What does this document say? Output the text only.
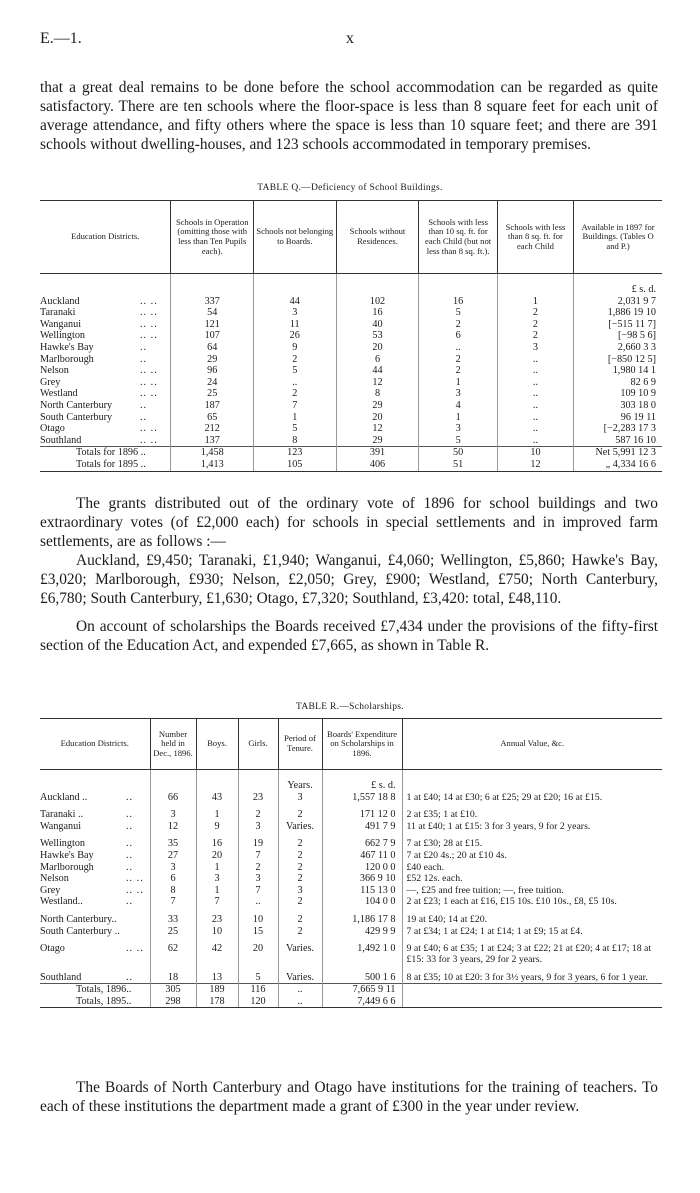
E.—1.	x

that a great deal remains to be done before the school accommodation can be regarded as quite satisfactory. There are ten schools where the floor-space is less than 8 square feet for each unit of average attendance, and fifty others where the space is less than 10 square feet; and there are 391 schools without dwelling-houses, and 123 schools accommodated in temporary premises.

TABLE Q.—Deficiency of School Buildings.
Education Districts.	Schools in Operation (omitting those with less than Ten Pupils each).	Schools not belonging to Boards.	Schools without Residences.	Schools with less than 10 sq. ft. for each Child (but not less than 8 sq. ft.).	Schools with less than 8 sq. ft. for each Child	Available in 1897 for Buildings. (Tables O and P.)
						£ s. d.
Auckland .. ..	337	44	102	16	1	2,031 9 7
Taranaki .. ..	54	3	16	5	2	1,886 19 10
Wanganui .. ..	121	11	40	2	2	[−515 11 7]
Wellington .. ..	107	26	53	6	2	[−98 5 6]
Hawke's Bay ..	64	9	20	..	3	2,660 3 3
Marlborough ..	29	2	6	2	..	[−850 12 5]
Nelson .. ..	96	5	44	2	..	1,980 14 1
Grey .. ..	24	..	12	1	..	82 6 9
Westland .. ..	25	2	8	3	..	109 10 9
North Canterbury ..	187	7	29	4	..	303 18 0
South Canterbury ..	65	1	20	1	..	96 19 11
Otago .. ..	212	5	12	3	..	[−2,283 17 3
Southland .. ..	137	8	29	5	..	587 16 10
Totals for 1896 ..	1,458	123	391	50	10	Net 5,991 12 3
Totals for 1895 ..	1,413	105	406	51	12	„ 4,334 16 6

The grants distributed out of the ordinary vote of 1896 for school buildings and two extraordinary votes (of £2,000 each) for schools in special settlements and in improved farm settlements, are as follows :—

Auckland, £9,450; Taranaki, £1,940; Wanganui, £4,060; Wellington, £5,860; Hawke's Bay, £3,020; Marlborough, £930; Nelson, £2,050; Grey, £900; Westland, £750; North Canterbury, £6,780; South Canterbury, £1,630; Otago, £7,320; Southland, £3,420: total, £48,110.

On account of scholarships the Boards received £7,434 under the provisions of the fifty-first section of the Education Act, and expended £7,665, as shown in Table R.

TABLE R.—Scholarships.
Education Districts.	Number held in Dec., 1896.	Boys.	Girls.	Period of Tenure.	Boards' Expenditure on Scholarships in 1896.	Annual Value, &c.
				Years.	£ s. d.	
Auckland .. ..	66	43	23	3	1,557 18 8	1 at £40; 14 at £30; 6 at £25; 29 at £20; 16 at £15.
Taranaki .. ..	3	1	2	2	171 12 0	2 at £35; 1 at £10.
Wanganui ..	12	9	3	Varies.	491 7 9	11 at £40; 1 at £15: 3 for 3 years, 9 for 2 years.
Wellington ..	35	16	19	2	662 7 9	7 at £30; 28 at £15.
Hawke's Bay ..	27	20	7	2	467 11 0	7 at £20 4s.; 20 at £10 4s.
Marlborough ..	3	1	2	2	120 0 0	£40 each.
Nelson .. ..	6	3	3	2	366 9 10	£52 12s. each.
Grey .. ..	8	1	7	3	115 13 0	—, £25 and free tuition; —, free tuition.
Westland.. ..	7	7	..	2	104 0 0	2 at £23; 1 each at £16, £15 10s. £10 10s., £8, £5 10s.
North Canterbury..	33	23	10	2	1,186 17 8	19 at £40; 14 at £20.
South Canterbury ..	25	10	15	2	429 9 9	7 at £34; 1 at £24; 1 at £14; 1 at £9; 15 at £4.
Otago .. ..	62	42	20	Varies.	1,492 1 0	9 at £40; 6 at £35; 1 at £24; 3 at £22; 21 at £20; 4 at £17; 18 at £15: 33 for 3 years, 29 for 2 years.
Southland ..	18	13	5	Varies.	500 1 6	8 at £35; 10 at £20: 3 for 3½ years, 9 for 3 years, 6 for 1 year.
Totals, 1896..	305	189	116	..	7,665 9 11	
Totals, 1895..	298	178	120	..	7,449 6 6	

The Boards of North Canterbury and Otago have institutions for the training of teachers. To each of these institutions the department made a grant of £300 in the year under review.
